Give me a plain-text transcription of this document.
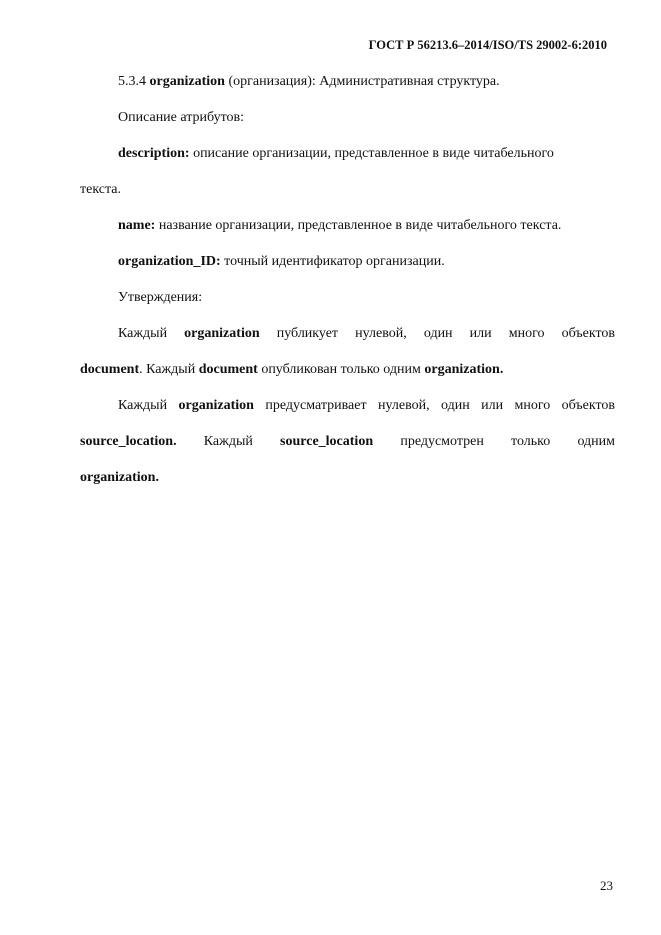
ГОСТ Р 56213.6–2014/ISO/TS 29002-6:2010

5.3.4 organization (организация): Административная структура.

Описание атрибутов:

description: описание организации, представленное в виде читабельного

текста.

name: название организации, представленное в виде читабельного текста.

organization_ID: точный идентификатор организации.

Утверждения:

Каждый organization публикует нулевой, один или много объектов

document. Каждый document опубликован только одним organization.

Каждый organization предусматривает нулевой, один или много объектов

source_location. Каждый source_location предусмотрен только одним

organization.

23
